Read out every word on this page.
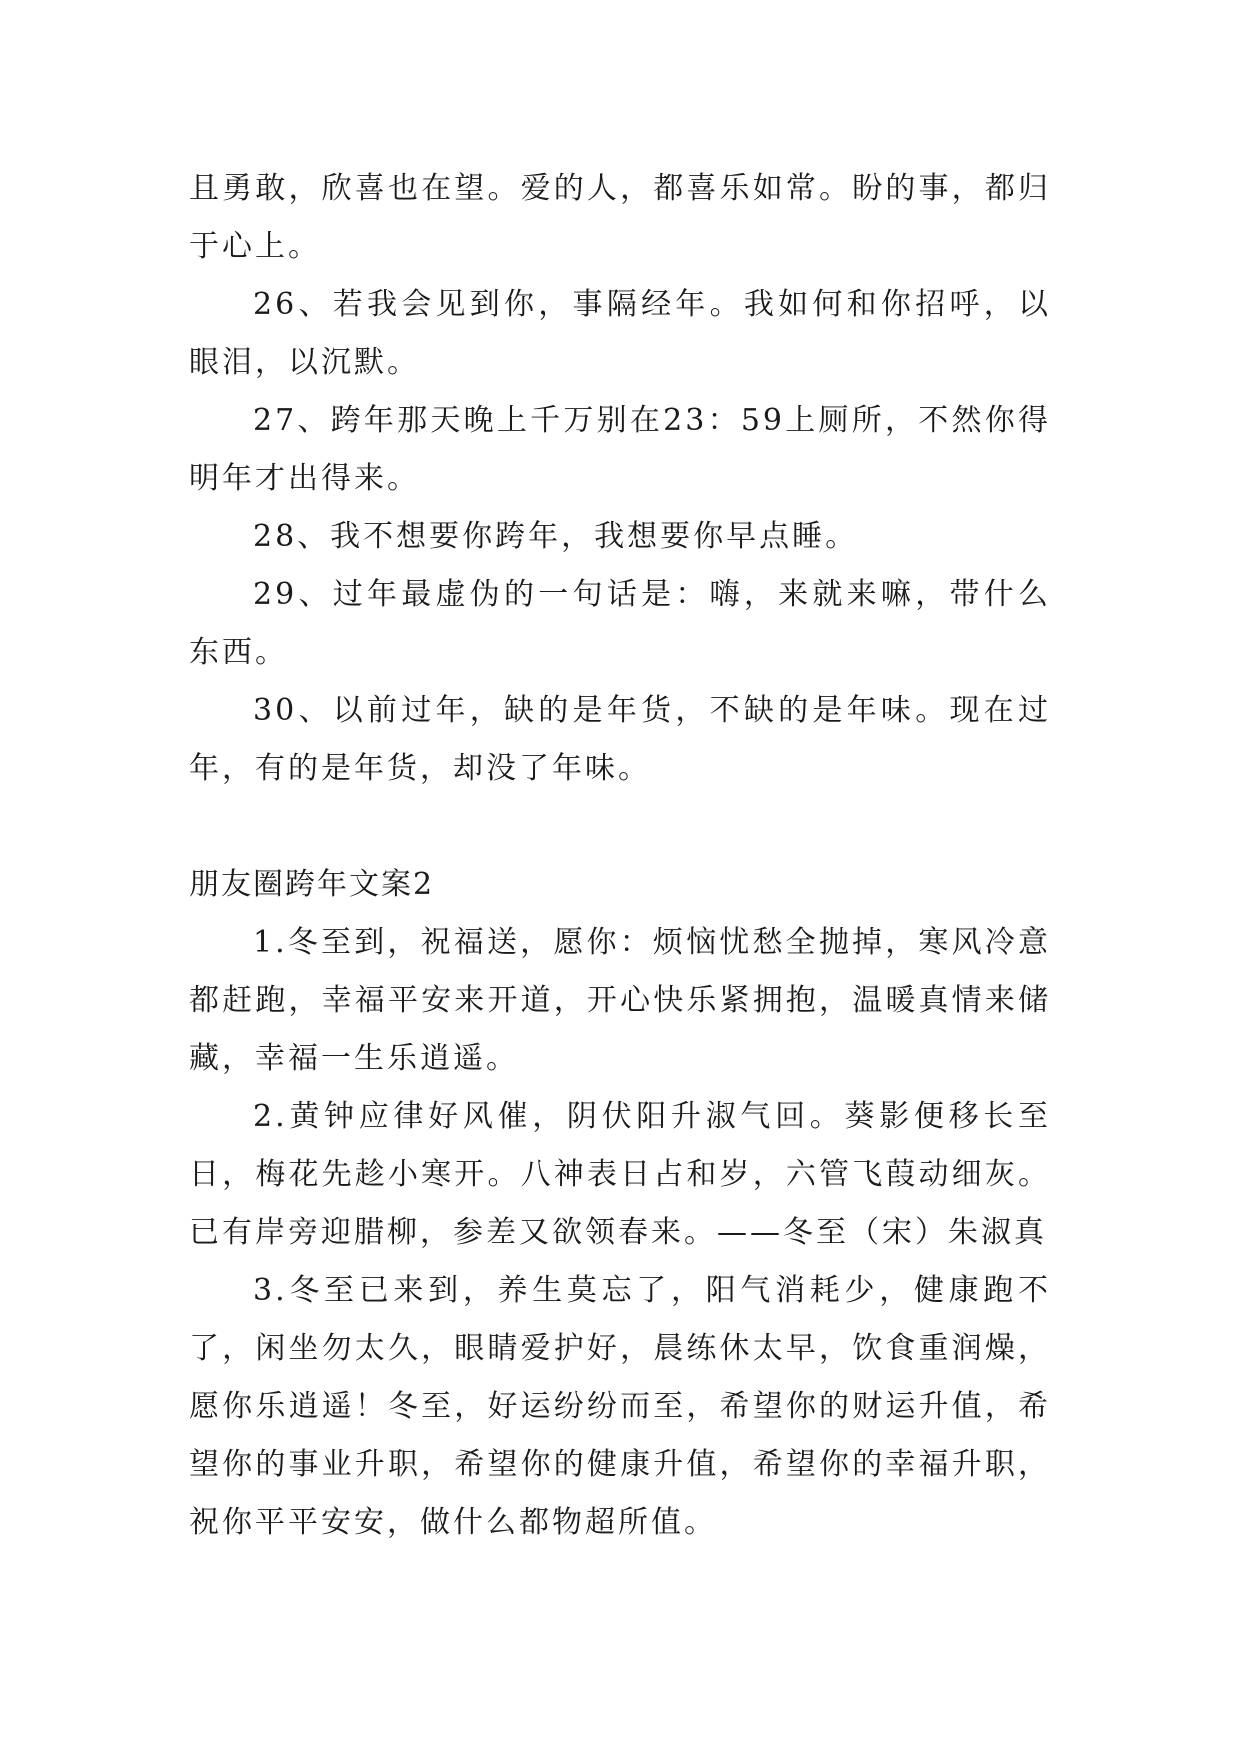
且勇敢，欣喜也在望。爱的人，都喜乐如常。盼的事，都归于心上。

26、若我会见到你，事隔经年。我如何和你招呼，以眼泪，以沉默。

27、跨年那天晚上千万别在23：59上厕所，不然你得明年才出得来。

28、我不想要你跨年，我想要你早点睡。

29、过年最虚伪的一句话是：嗨，来就来嘛，带什么东西。

30、以前过年，缺的是年货，不缺的是年味。现在过年，有的是年货，却没了年味。

朋友圈跨年文案2

1.冬至到，祝福送，愿你：烦恼忧愁全抛掉，寒风冷意都赶跑，幸福平安来开道，开心快乐紧拥抱，温暖真情来储藏，幸福一生乐逍遥。

2.黄钟应律好风催，阴伏阳升淑气回。葵影便移长至日，梅花先趁小寒开。八神表日占和岁，六管飞葭动细灰。已有岸旁迎腊柳，参差又欲领春来。——冬至（宋）朱淑真

3.冬至已来到，养生莫忘了，阳气消耗少，健康跑不了，闲坐勿太久，眼睛爱护好，晨练休太早，饮食重润燥，愿你乐逍遥！冬至，好运纷纷而至，希望你的财运升值，希望你的事业升职，希望你的健康升值，希望你的幸福升职，祝你平平安安，做什么都物超所值。
